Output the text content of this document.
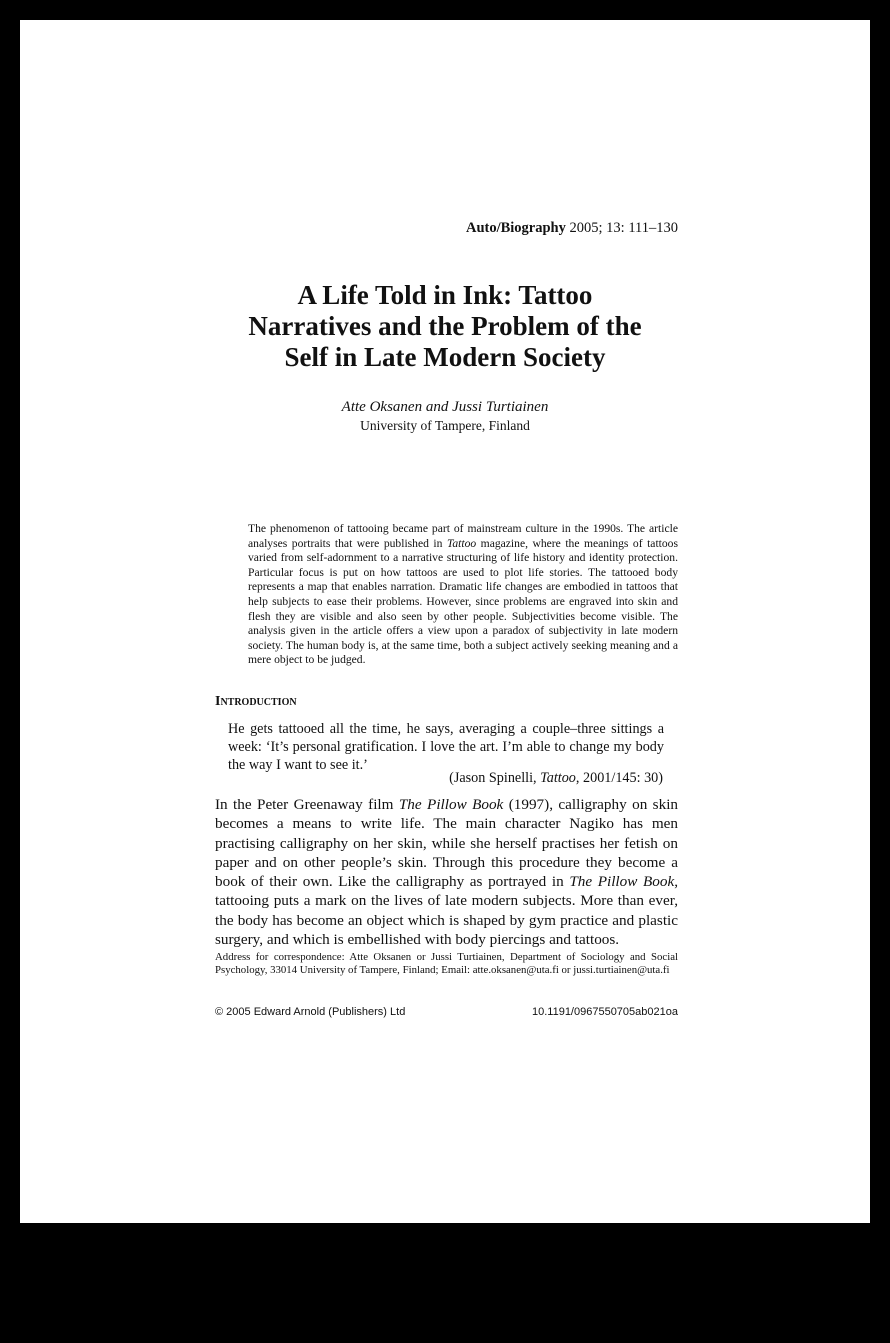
Auto/Biography 2005; 13: 111–130
A Life Told in Ink: Tattoo
Narratives and the Problem of the
Self in Late Modern Society
Atte Oksanen and Jussi Turtiainen
University of Tampere, Finland

The phenomenon of tattooing became part of mainstream culture in the 1990s. The article analyses portraits that were published in Tattoo magazine, where the meanings of tattoos varied from self-adornment to a narrative structuring of life history and identity protection. Particular focus is put on how tattoos are used to plot life stories. The tattooed body represents a map that enables narration. Dramatic life changes are embodied in tattoos that help subjects to ease their problems. However, since problems are engraved into skin and flesh they are visible and also seen by other people. Subjectivities become visible. The analysis given in the article offers a view upon a paradox of subjectivity in late modern society. The human body is, at the same time, both a subject actively seeking meaning and a mere object to be judged.

Introduction

He gets tattooed all the time, he says, averaging a couple–three sittings a week: ‘It’s personal gratification. I love the art. I’m able to change my body the way I want to see it.’

(Jason Spinelli, Tattoo, 2001/145: 30)

In the Peter Greenaway film The Pillow Book (1997), calligraphy on skin becomes a means to write life. The main character Nagiko has men practising calligraphy on her skin, while she herself practises her fetish on paper and on other people’s skin. Through this procedure they become a book of their own. Like the calligraphy as portrayed in The Pillow Book, tattooing puts a mark on the lives of late modern subjects. More than ever, the body has become an object which is shaped by gym practice and plastic surgery, and which is embellished with body piercings and tattoos.

Address for correspondence: Atte Oksanen or Jussi Turtiainen, Department of Sociology and Social Psychology, 33014 University of Tampere, Finland; Email: atte.oksanen@uta.fi or jussi.turtiainen@uta.fi

© 2005 Edward Arnold (Publishers) Ltd	10.1191/0967550705ab021oa
